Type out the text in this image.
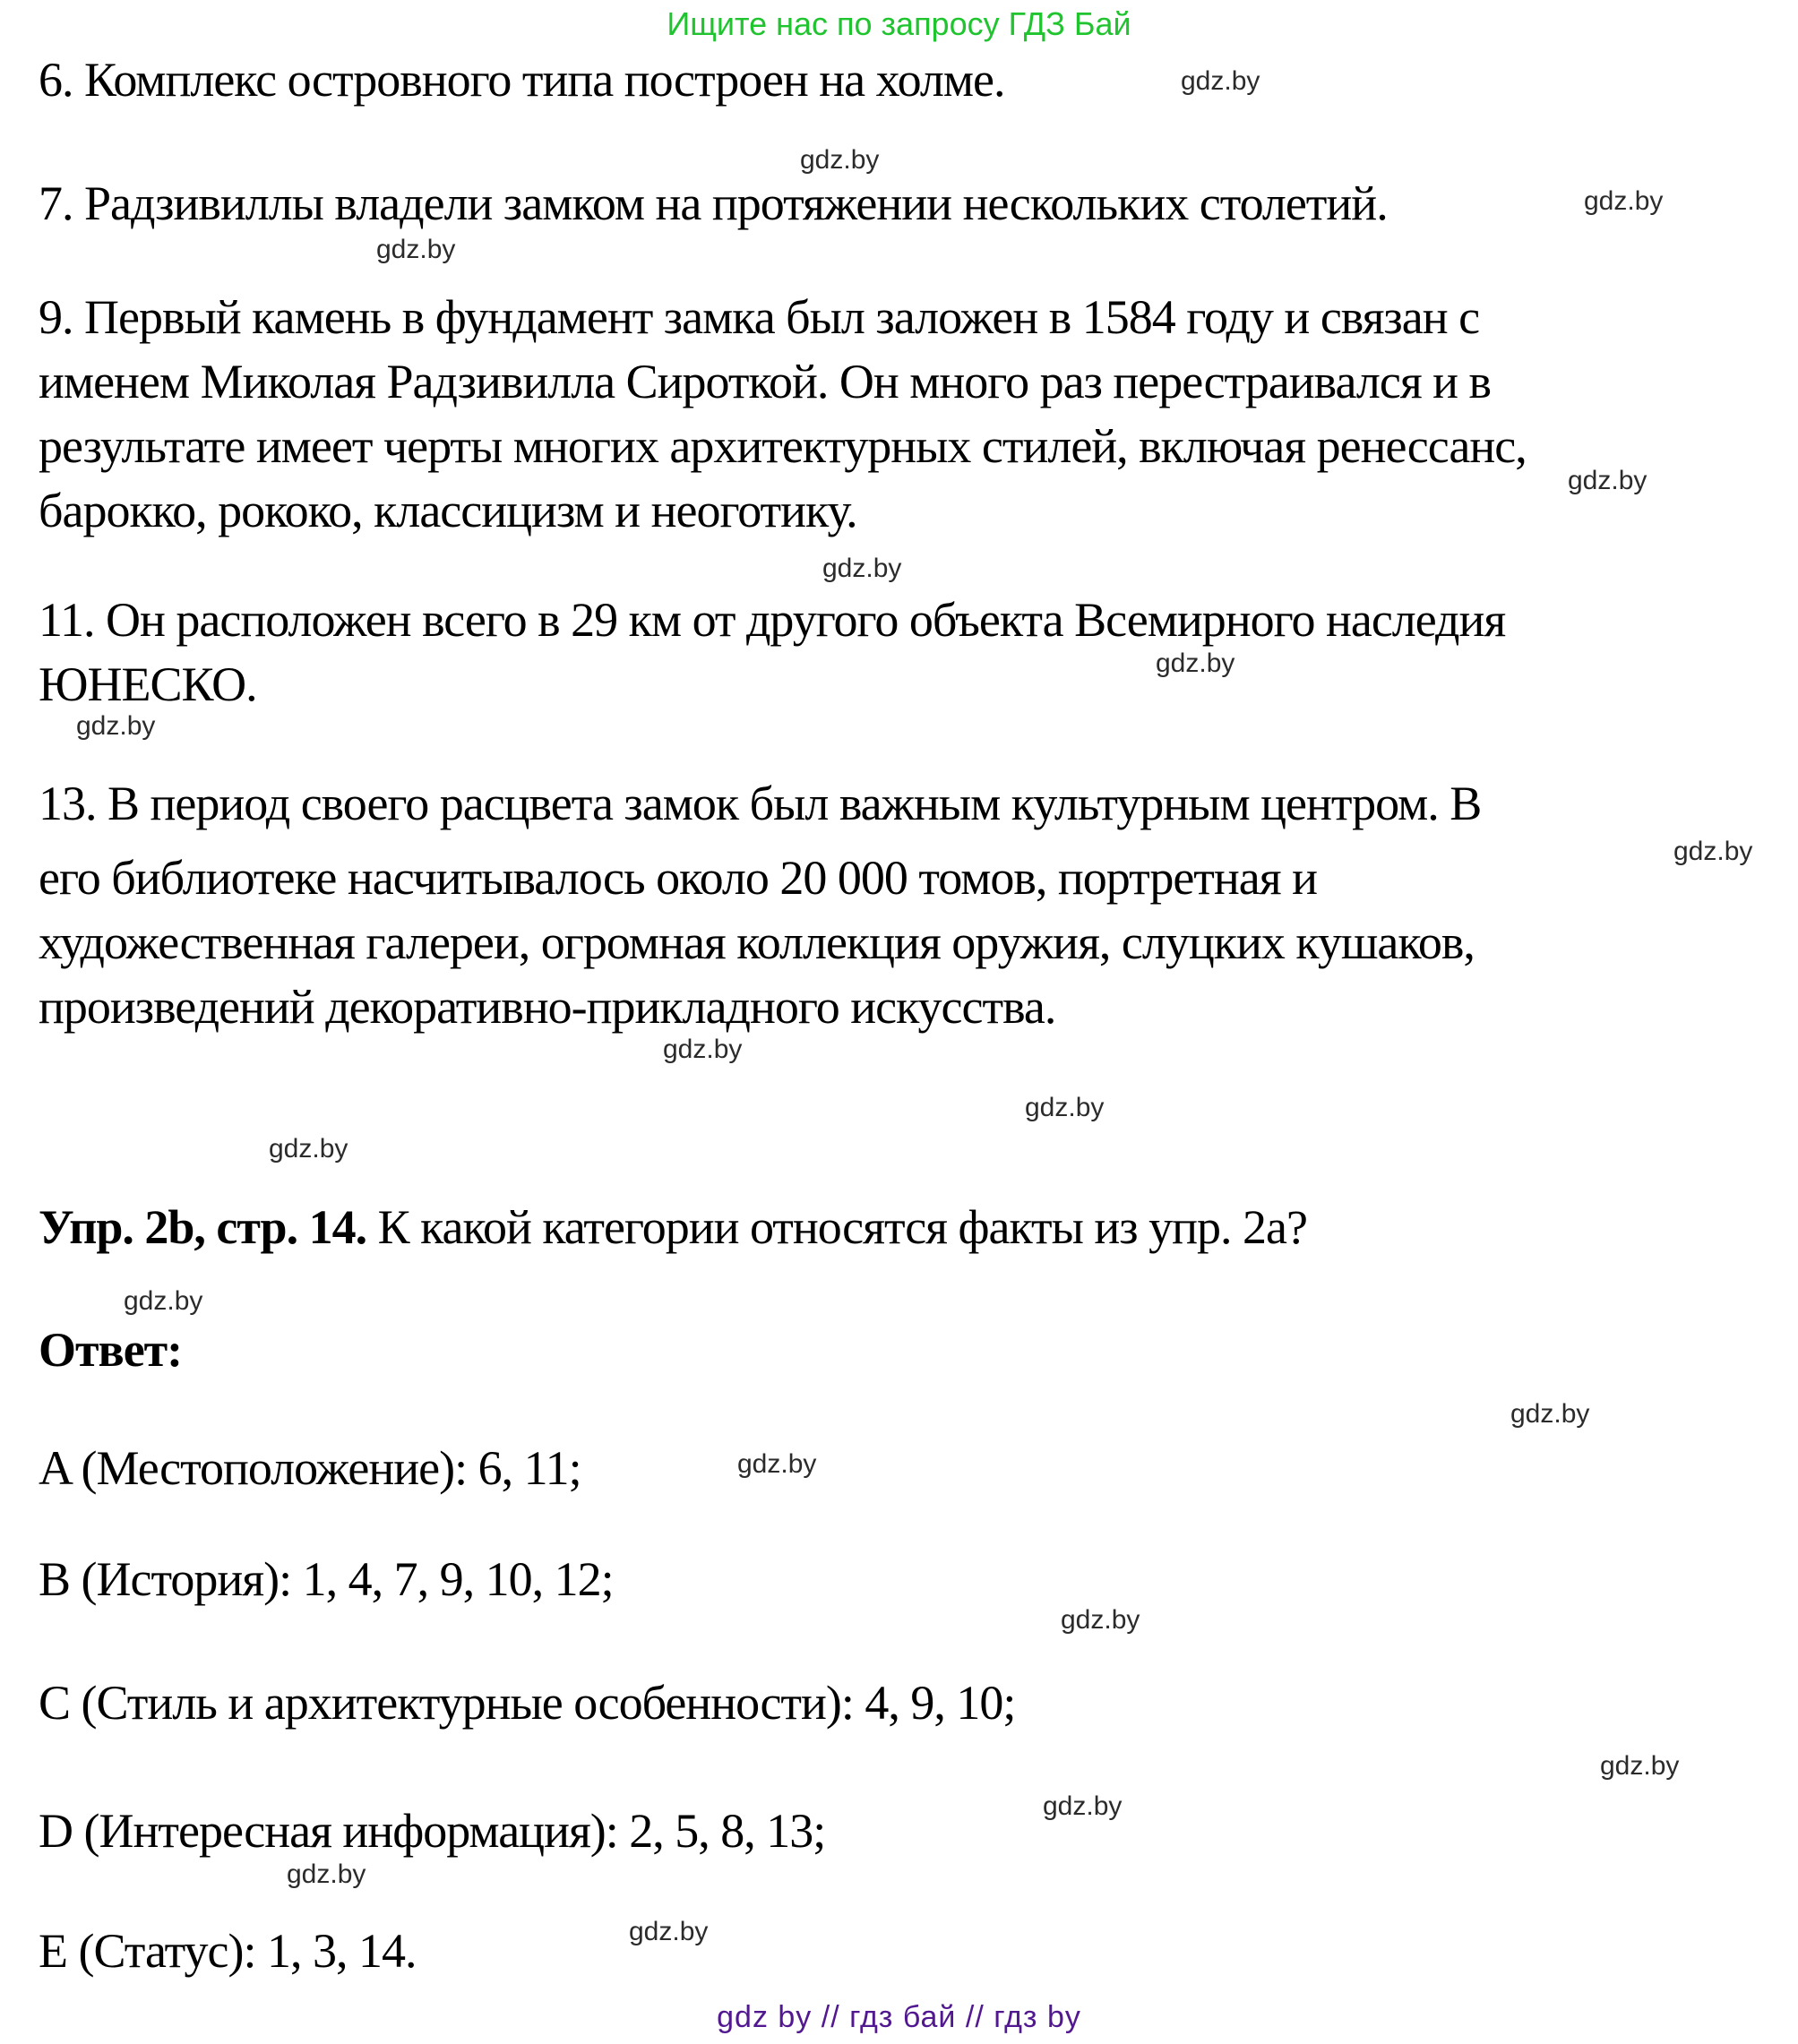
Ищите нас по запросу ГДЗ Бай
6. Комплекс островного типа построен на холме.
7. Радзивиллы владели замком на протяжении нескольких столетий.
9. Первый камень в фундамент замка был заложен в 1584 году и связан с
именем Миколая Радзивилла Сироткой. Он много раз перестраивался и в
результате имеет черты многих архитектурных стилей, включая ренессанс,
барокко, рококо, классицизм и неоготику.
11. Он расположен всего в 29 км от другого объекта Всемирного наследия
ЮНЕСКО.
13. В период своего расцвета замок был важным культурным центром. В
его библиотеке насчитывалось около 20 000 томов, портретная и
художественная галереи, огромная коллекция оружия, слуцких кушаков,
произведений декоративно-прикладного искусства.
Упр. 2b, стр. 14. К какой категории относятся факты из упр. 2a?
Ответ:
A (Местоположение): 6, 11;
B (История): 1, 4, 7, 9, 10, 12;
C (Стиль и архитектурные особенности): 4, 9, 10;
D (Интересная информация): 2, 5, 8, 13;
E (Статус): 1, 3, 14.
gdz.by
gdz.by
gdz.by
gdz.by
gdz.by
gdz.by
gdz.by
gdz.by
gdz.by
gdz.by
gdz.by
gdz.by
gdz.by
gdz.by
gdz.by
gdz.by
gdz.by
gdz.by
gdz.by
gdz.by
gdz by // гдз бай // гдз by
